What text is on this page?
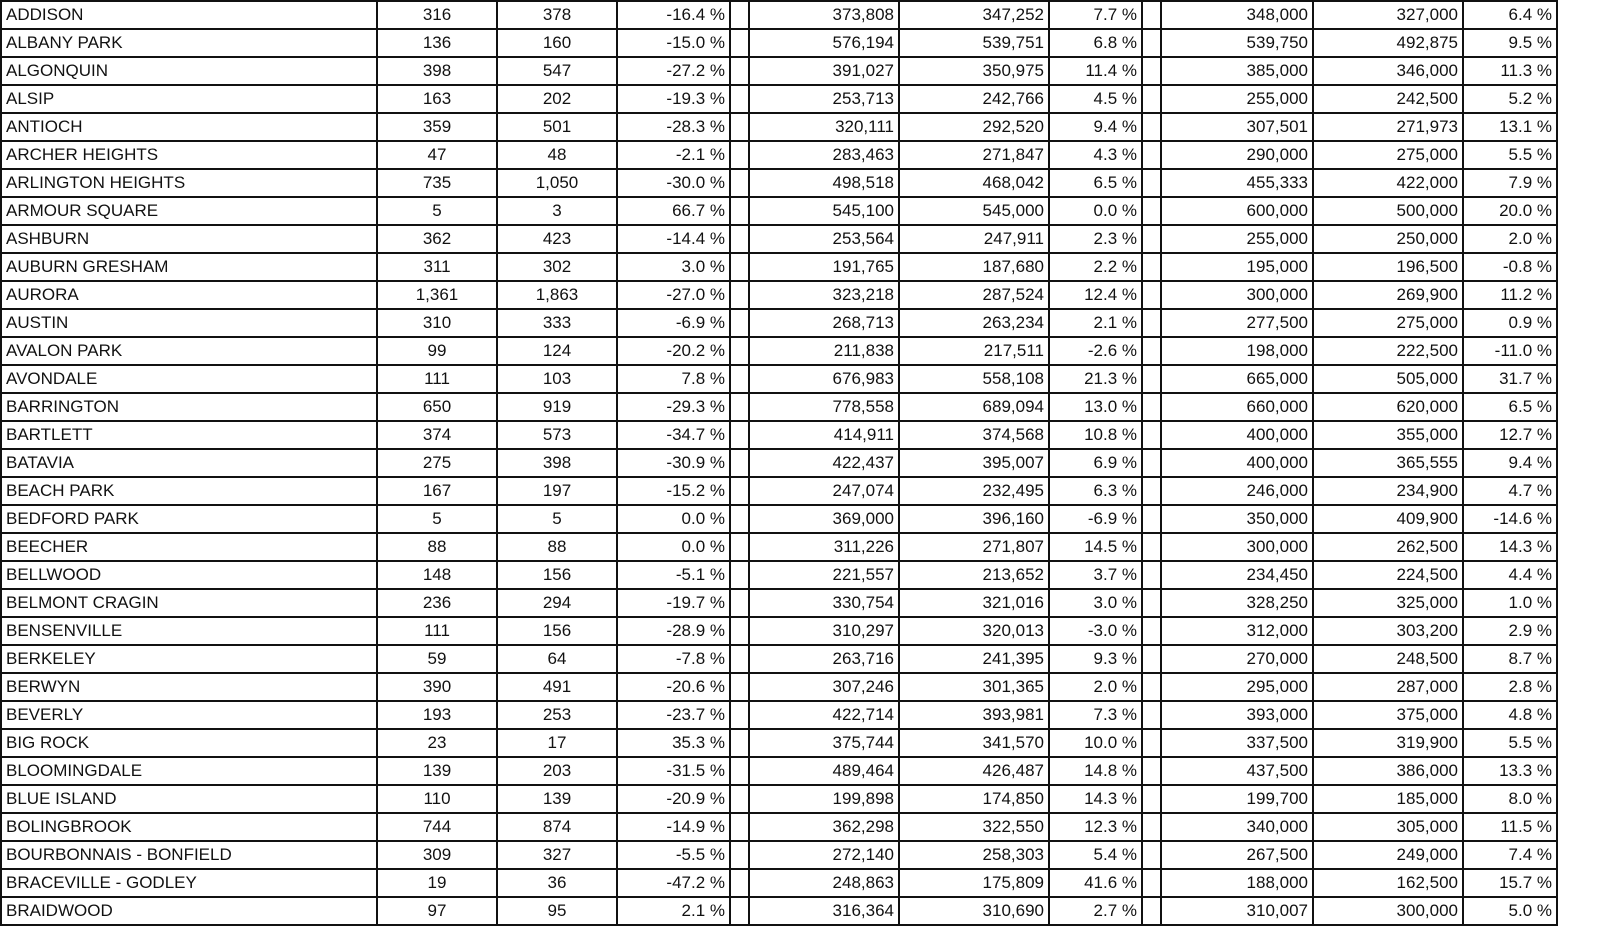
ADDISON	316	378	-16.4 %		373,808	347,252	7.7 %		348,000	327,000	6.4 %
ALBANY PARK	136	160	-15.0 %		576,194	539,751	6.8 %		539,750	492,875	9.5 %
ALGONQUIN	398	547	-27.2 %		391,027	350,975	11.4 %		385,000	346,000	11.3 %
ALSIP	163	202	-19.3 %		253,713	242,766	4.5 %		255,000	242,500	5.2 %
ANTIOCH	359	501	-28.3 %		320,111	292,520	9.4 %		307,501	271,973	13.1 %
ARCHER HEIGHTS	47	48	-2.1 %		283,463	271,847	4.3 %		290,000	275,000	5.5 %
ARLINGTON HEIGHTS	735	1,050	-30.0 %		498,518	468,042	6.5 %		455,333	422,000	7.9 %
ARMOUR SQUARE	5	3	66.7 %		545,100	545,000	0.0 %		600,000	500,000	20.0 %
ASHBURN	362	423	-14.4 %		253,564	247,911	2.3 %		255,000	250,000	2.0 %
AUBURN GRESHAM	311	302	3.0 %		191,765	187,680	2.2 %		195,000	196,500	-0.8 %
AURORA	1,361	1,863	-27.0 %		323,218	287,524	12.4 %		300,000	269,900	11.2 %
AUSTIN	310	333	-6.9 %		268,713	263,234	2.1 %		277,500	275,000	0.9 %
AVALON PARK	99	124	-20.2 %		211,838	217,511	-2.6 %		198,000	222,500	-11.0 %
AVONDALE	111	103	7.8 %		676,983	558,108	21.3 %		665,000	505,000	31.7 %
BARRINGTON	650	919	-29.3 %		778,558	689,094	13.0 %		660,000	620,000	6.5 %
BARTLETT	374	573	-34.7 %		414,911	374,568	10.8 %		400,000	355,000	12.7 %
BATAVIA	275	398	-30.9 %		422,437	395,007	6.9 %		400,000	365,555	9.4 %
BEACH PARK	167	197	-15.2 %		247,074	232,495	6.3 %		246,000	234,900	4.7 %
BEDFORD PARK	5	5	0.0 %		369,000	396,160	-6.9 %		350,000	409,900	-14.6 %
BEECHER	88	88	0.0 %		311,226	271,807	14.5 %		300,000	262,500	14.3 %
BELLWOOD	148	156	-5.1 %		221,557	213,652	3.7 %		234,450	224,500	4.4 %
BELMONT CRAGIN	236	294	-19.7 %		330,754	321,016	3.0 %		328,250	325,000	1.0 %
BENSENVILLE	111	156	-28.9 %		310,297	320,013	-3.0 %		312,000	303,200	2.9 %
BERKELEY	59	64	-7.8 %		263,716	241,395	9.3 %		270,000	248,500	8.7 %
BERWYN	390	491	-20.6 %		307,246	301,365	2.0 %		295,000	287,000	2.8 %
BEVERLY	193	253	-23.7 %		422,714	393,981	7.3 %		393,000	375,000	4.8 %
BIG ROCK	23	17	35.3 %		375,744	341,570	10.0 %		337,500	319,900	5.5 %
BLOOMINGDALE	139	203	-31.5 %		489,464	426,487	14.8 %		437,500	386,000	13.3 %
BLUE ISLAND	110	139	-20.9 %		199,898	174,850	14.3 %		199,700	185,000	8.0 %
BOLINGBROOK	744	874	-14.9 %		362,298	322,550	12.3 %		340,000	305,000	11.5 %
BOURBONNAIS - BONFIELD	309	327	-5.5 %		272,140	258,303	5.4 %		267,500	249,000	7.4 %
BRACEVILLE - GODLEY	19	36	-47.2 %		248,863	175,809	41.6 %		188,000	162,500	15.7 %
BRAIDWOOD	97	95	2.1 %		316,364	310,690	2.7 %		310,007	300,000	5.0 %
